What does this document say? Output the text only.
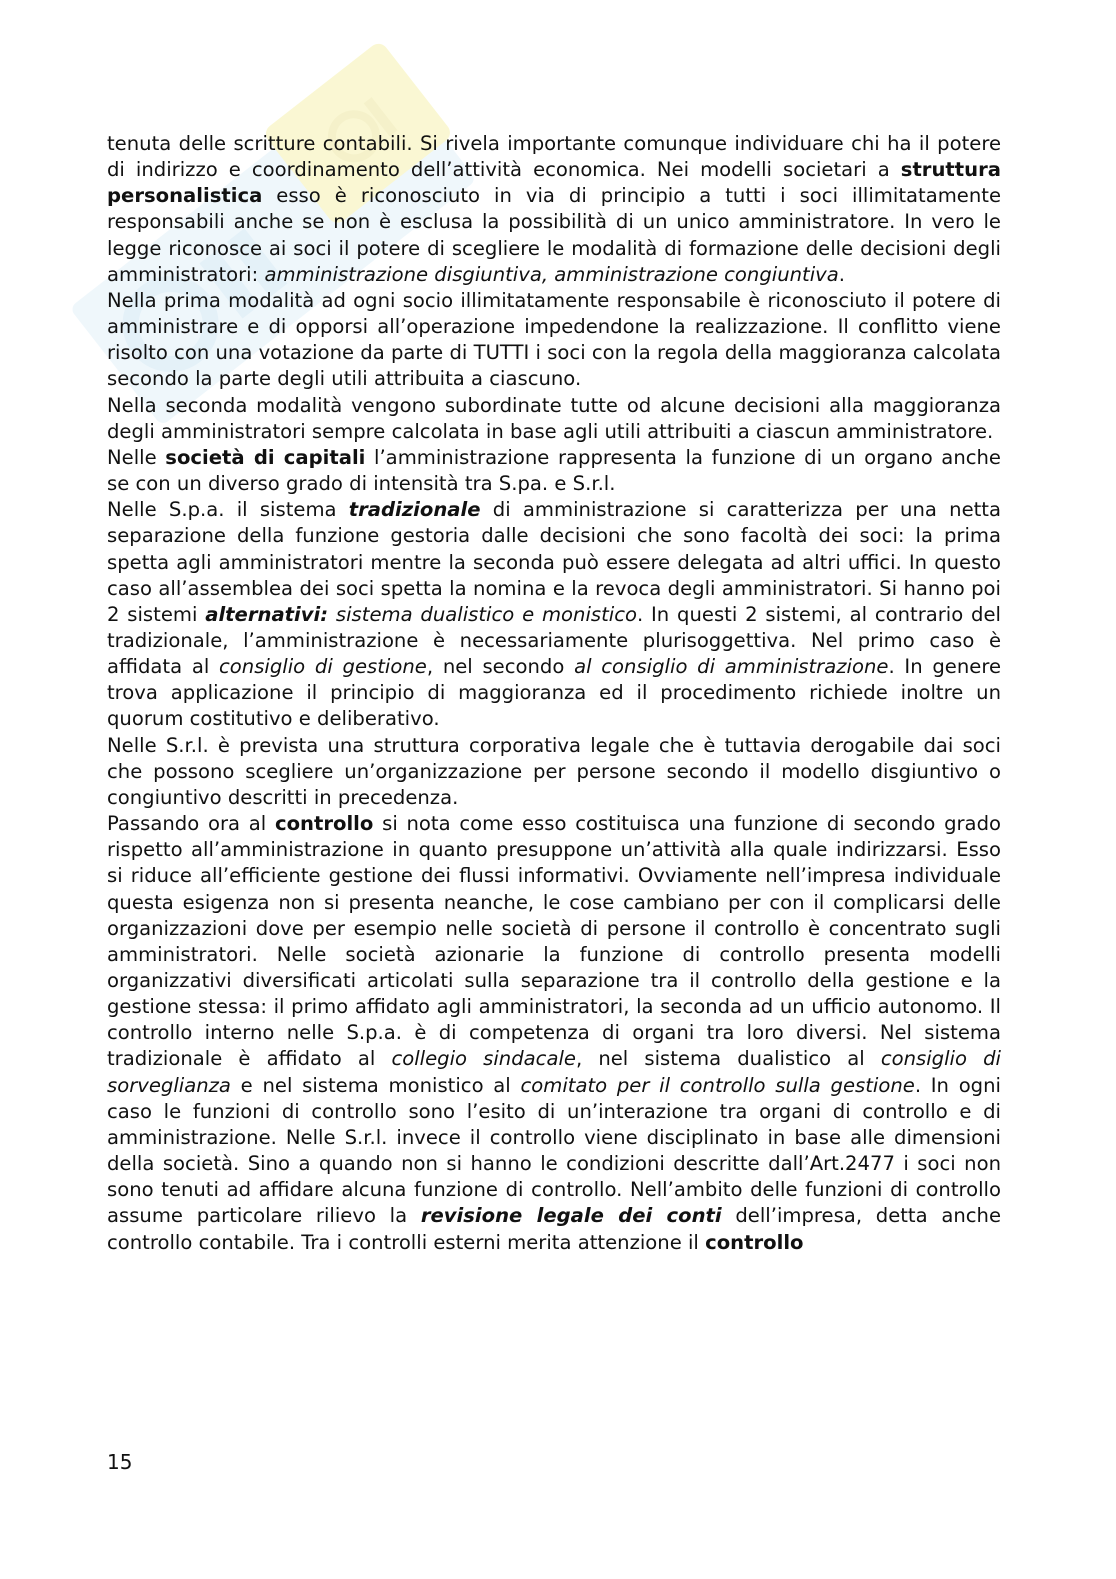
tenuta delle scritture contabili. Si rivela importante comunque individuare chi ha il potere di indirizzo e coordinamento dell’attività economica. Nei modelli societari a struttura personalistica esso è riconosciuto in via di principio a tutti i soci illimitatamente responsabili anche se non è esclusa la possibilità di un unico amministratore. In vero le legge riconosce ai soci il potere di scegliere le modalità di formazione delle decisioni degli amministratori: amministrazione disgiuntiva, amministrazione congiuntiva.

Nella prima modalità ad ogni socio illimitatamente responsabile è riconosciuto il potere di amministrare e di opporsi all’operazione impedendone la realizzazione. Il conflitto viene risolto con una votazione da parte di TUTTI i soci con la regola della maggioranza calcolata secondo la parte degli utili attribuita a ciascuno.

Nella seconda modalità vengono subordinate tutte od alcune decisioni alla maggioranza degli amministratori sempre calcolata in base agli utili attribuiti a ciascun amministratore.

Nelle società di capitali l’amministrazione rappresenta la funzione di un organo anche se con un diverso grado di intensità tra S.pa. e S.r.l.

Nelle S.p.a. il sistema tradizionale di amministrazione si caratterizza per una netta separazione della funzione gestoria dalle decisioni che sono facoltà dei soci: la prima spetta agli amministratori mentre la seconda può essere delegata ad altri uffici. In questo caso all’assemblea dei soci spetta la nomina e la revoca degli amministratori. Si hanno poi 2 sistemi alternativi: sistema dualistico e monistico. In questi 2 sistemi, al contrario del tradizionale, l’amministrazione è necessariamente plurisoggettiva. Nel primo caso è affidata al consiglio di gestione, nel secondo al consiglio di amministrazione. In genere trova applicazione il principio di maggioranza ed il procedimento richiede inoltre un quorum costitutivo e deliberativo.

Nelle S.r.l. è prevista una struttura corporativa legale che è tuttavia derogabile dai soci che possono scegliere un’organizzazione per persone secondo il modello disgiuntivo o congiuntivo descritti in precedenza.

Passando ora al controllo si nota come esso costituisca una funzione di secondo grado rispetto all’amministrazione in quanto presuppone un’attività alla quale indirizzarsi. Esso si riduce all’efficiente gestione dei flussi informativi. Ovviamente nell’impresa individuale questa esigenza non si presenta neanche, le cose cambiano per con il complicarsi delle organizzazioni dove per esempio nelle società di persone il controllo è concentrato sugli amministratori. Nelle società azionarie la funzione di controllo presenta modelli organizzativi diversificati articolati sulla separazione tra il controllo della gestione e la gestione stessa: il primo affidato agli amministratori, la seconda ad un ufficio autonomo. Il controllo interno nelle S.p.a. è di competenza di organi tra loro diversi. Nel sistema tradizionale è affidato al collegio sindacale, nel sistema dualistico al consiglio di sorveglianza e nel sistema monistico al comitato per il controllo sulla gestione. In ogni caso le funzioni di controllo sono l’esito di un’interazione tra organi di controllo e di amministrazione. Nelle S.r.l. invece il controllo viene disciplinato in base alle dimensioni della società. Sino a quando non si hanno le condizioni descritte dall’Art.2477 i soci non sono tenuti ad affidare alcuna funzione di controllo. Nell’ambito delle funzioni di controllo assume particolare rilievo la revisione legale dei conti dell’impresa, detta anche controllo contabile. Tra i controlli esterni merita attenzione il controllo

15
